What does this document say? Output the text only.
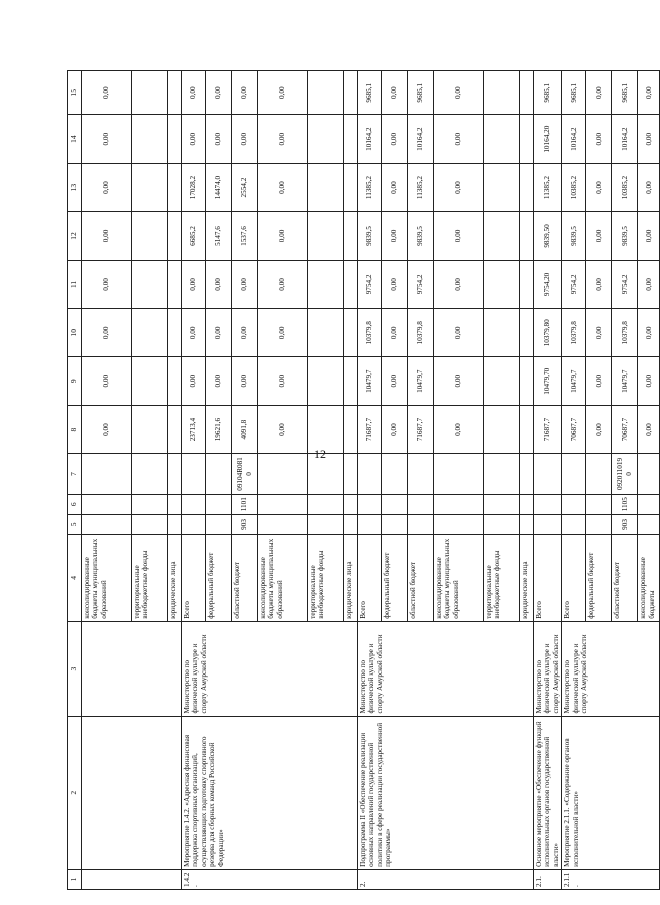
12
1	2	3	4	5	6	7	8	9	10	11	12	13	14	15
			консолидированные бюджеты муниципальных образований				0,00	0,00	0,00	0,00	0,00	0,00	0,00	0,00
			территориальные внебюджетные фонды											
			юридические лица											
1.4.2.	Мероприятие 1.4.2. «Адресная финансовая поддержка спортивных организаций, осуществляющих подготовку спортивного резерва для сборных команд Российской Федерации»	Министерство по физической культуре и спорту Амурской области	Всего				23713,4	0,00	0,00	0,00	6685,2	17028,2	0,00	0,00
			федеральный бюджет				19621,6	0,00	0,00	0,00	5147,6	14474,0	0,00	0,00
			областной бюджет	903	1101	09104R0810	4091,8	0,00	0,00	0,00	1537,6	2554,2	0,00	0,00
			консолидированные бюджеты муниципальных образований				0,00	0,00	0,00	0,00	0,00	0,00	0,00	0,00
			территориальные внебюджетные фонды											
			юридические лица											
2.	Подпрограмма II «Обеспечение реализации основных направлений государственной политики в сфере реализации государственной программы»	Министерство по физической культуре и спорту Амурской области	Всего				71687,7	10479,7	10379,8	9754,2	9839,5	11385,2	10164,2	9685,1
			федеральный бюджет				0,00	0,00	0,00	0,00	0,00	0,00	0,00	0,00
			областной бюджет				71687,7	10479,7	10379,8	9754,2	9839,5	11385,2	10164,2	9685,1
			консолидированные бюджеты муниципальных образований				0,00	0,00	0,00	0,00	0,00	0,00	0,00	0,00
			территориальные внебюджетные фонды											
			юридические лица											
2.1.	Основное мероприятие «Обеспечение функций исполнительных органов государственной власти»	Министерство по физической культуре и спорту Амурской области	Всего				71687,7	10479,70	10379,80	9754,20	9839,50	11385,2	10164,20	9685,1
2.1.1.	Мероприятие 2.1.1. «Содержание органов исполнительной власти»	Министерство по физической культуре и спорту Амурской области	Всего				70687,7	10479,7	10379,8	9754,2	9839,5	10385,2	10164,2	9685,1
			федеральный бюджет				0,00	0,00	0,00	0,00	0,00	0,00	0,00	0,00
			областной бюджет	903	1105	0920110190	70687,7	10479,7	10379,8	9754,2	9839,5	10385,2	10164,2	9685,1
			консолидированные бюджеты				0,00	0,00	0,00	0,00	0,00	0,00	0,00	0,00
